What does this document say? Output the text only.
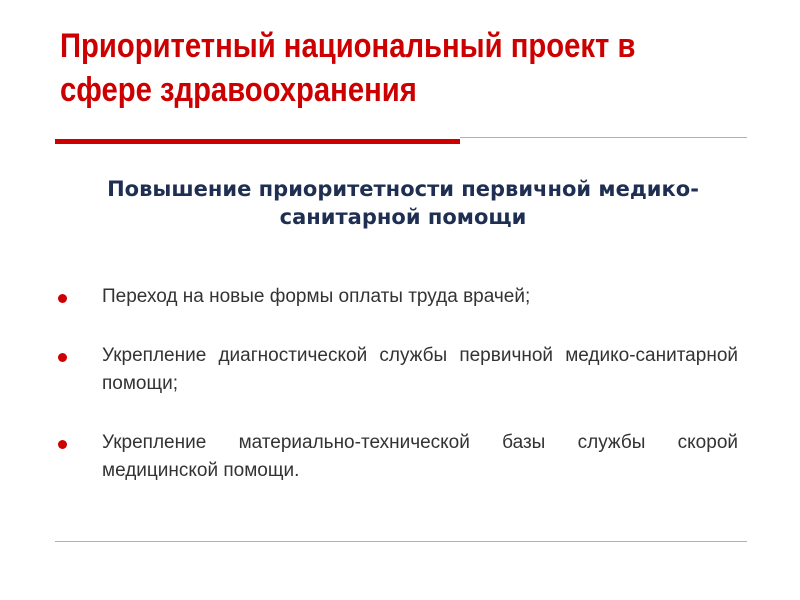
Приоритетный национальный проект в сфере здравоохранения
Повышение приоритетности первичной медико-санитарной помощи
Переход на новые формы оплаты труда врачей;
Укрепление диагностической службы первичной медико-санитарной помощи;
Укрепление материально-технической базы службы скорой медицинской помощи.
